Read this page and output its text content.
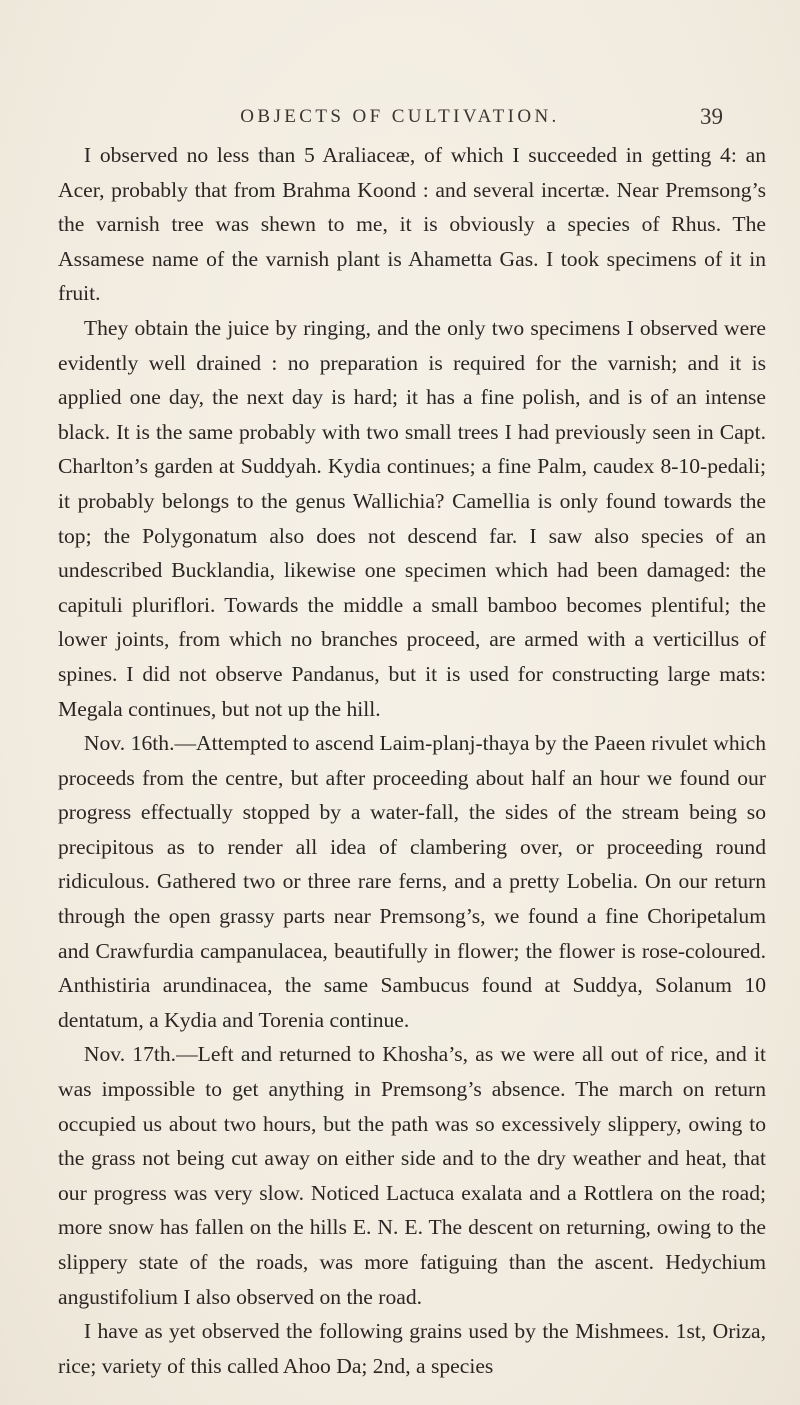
OBJECTS OF CULTIVATION.	39

I observed no less than 5 Araliaceæ, of which I succeeded in getting 4: an Acer, probably that from Brahma Koond : and several incertæ. Near Premsong’s the varnish tree was shewn to me, it is obviously a species of Rhus. The Assamese name of the varnish plant is Ahametta Gas. I took specimens of it in fruit.

They obtain the juice by ringing, and the only two specimens I observed were evidently well drained : no preparation is required for the varnish; and it is applied one day, the next day is hard; it has a fine polish, and is of an intense black. It is the same probably with two small trees I had previously seen in Capt. Charlton’s garden at Suddyah. Kydia continues; a fine Palm, caudex 8-10-pedali; it probably belongs to the genus Wallichia? Camellia is only found towards the top; the Polygonatum also does not descend far. I saw also species of an undescribed Bucklandia, likewise one specimen which had been damaged: the capituli pluriflori. Towards the middle a small bamboo becomes plentiful; the lower joints, from which no branches proceed, are armed with a verticillus of spines. I did not observe Pandanus, but it is used for constructing large mats: Megala continues, but not up the hill.

Nov. 16th.—Attempted to ascend Laim-planj-thaya by the Paeen rivulet which proceeds from the centre, but after proceeding about half an hour we found our progress effectually stopped by a water-fall, the sides of the stream being so precipitous as to render all idea of clambering over, or proceeding round ridiculous. Gathered two or three rare ferns, and a pretty Lobelia. On our return through the open grassy parts near Premsong’s, we found a fine Choripetalum and Crawfurdia campanulacea, beautifully in flower; the flower is rose-coloured. Anthistiria arundinacea, the same Sambucus found at Suddya, Solanum 10 dentatum, a Kydia and Torenia continue.

Nov. 17th.—Left and returned to Khosha’s, as we were all out of rice, and it was impossible to get anything in Premsong’s absence. The march on return occupied us about two hours, but the path was so excessively slippery, owing to the grass not being cut away on either side and to the dry weather and heat, that our progress was very slow. Noticed Lactuca exalata and a Rottlera on the road; more snow has fallen on the hills E. N. E. The descent on returning, owing to the slippery state of the roads, was more fatiguing than the ascent. Hedychium angustifolium I also observed on the road.

I have as yet observed the following grains used by the Mishmees. 1st, Oriza, rice; variety of this called Ahoo Da; 2nd, a species
